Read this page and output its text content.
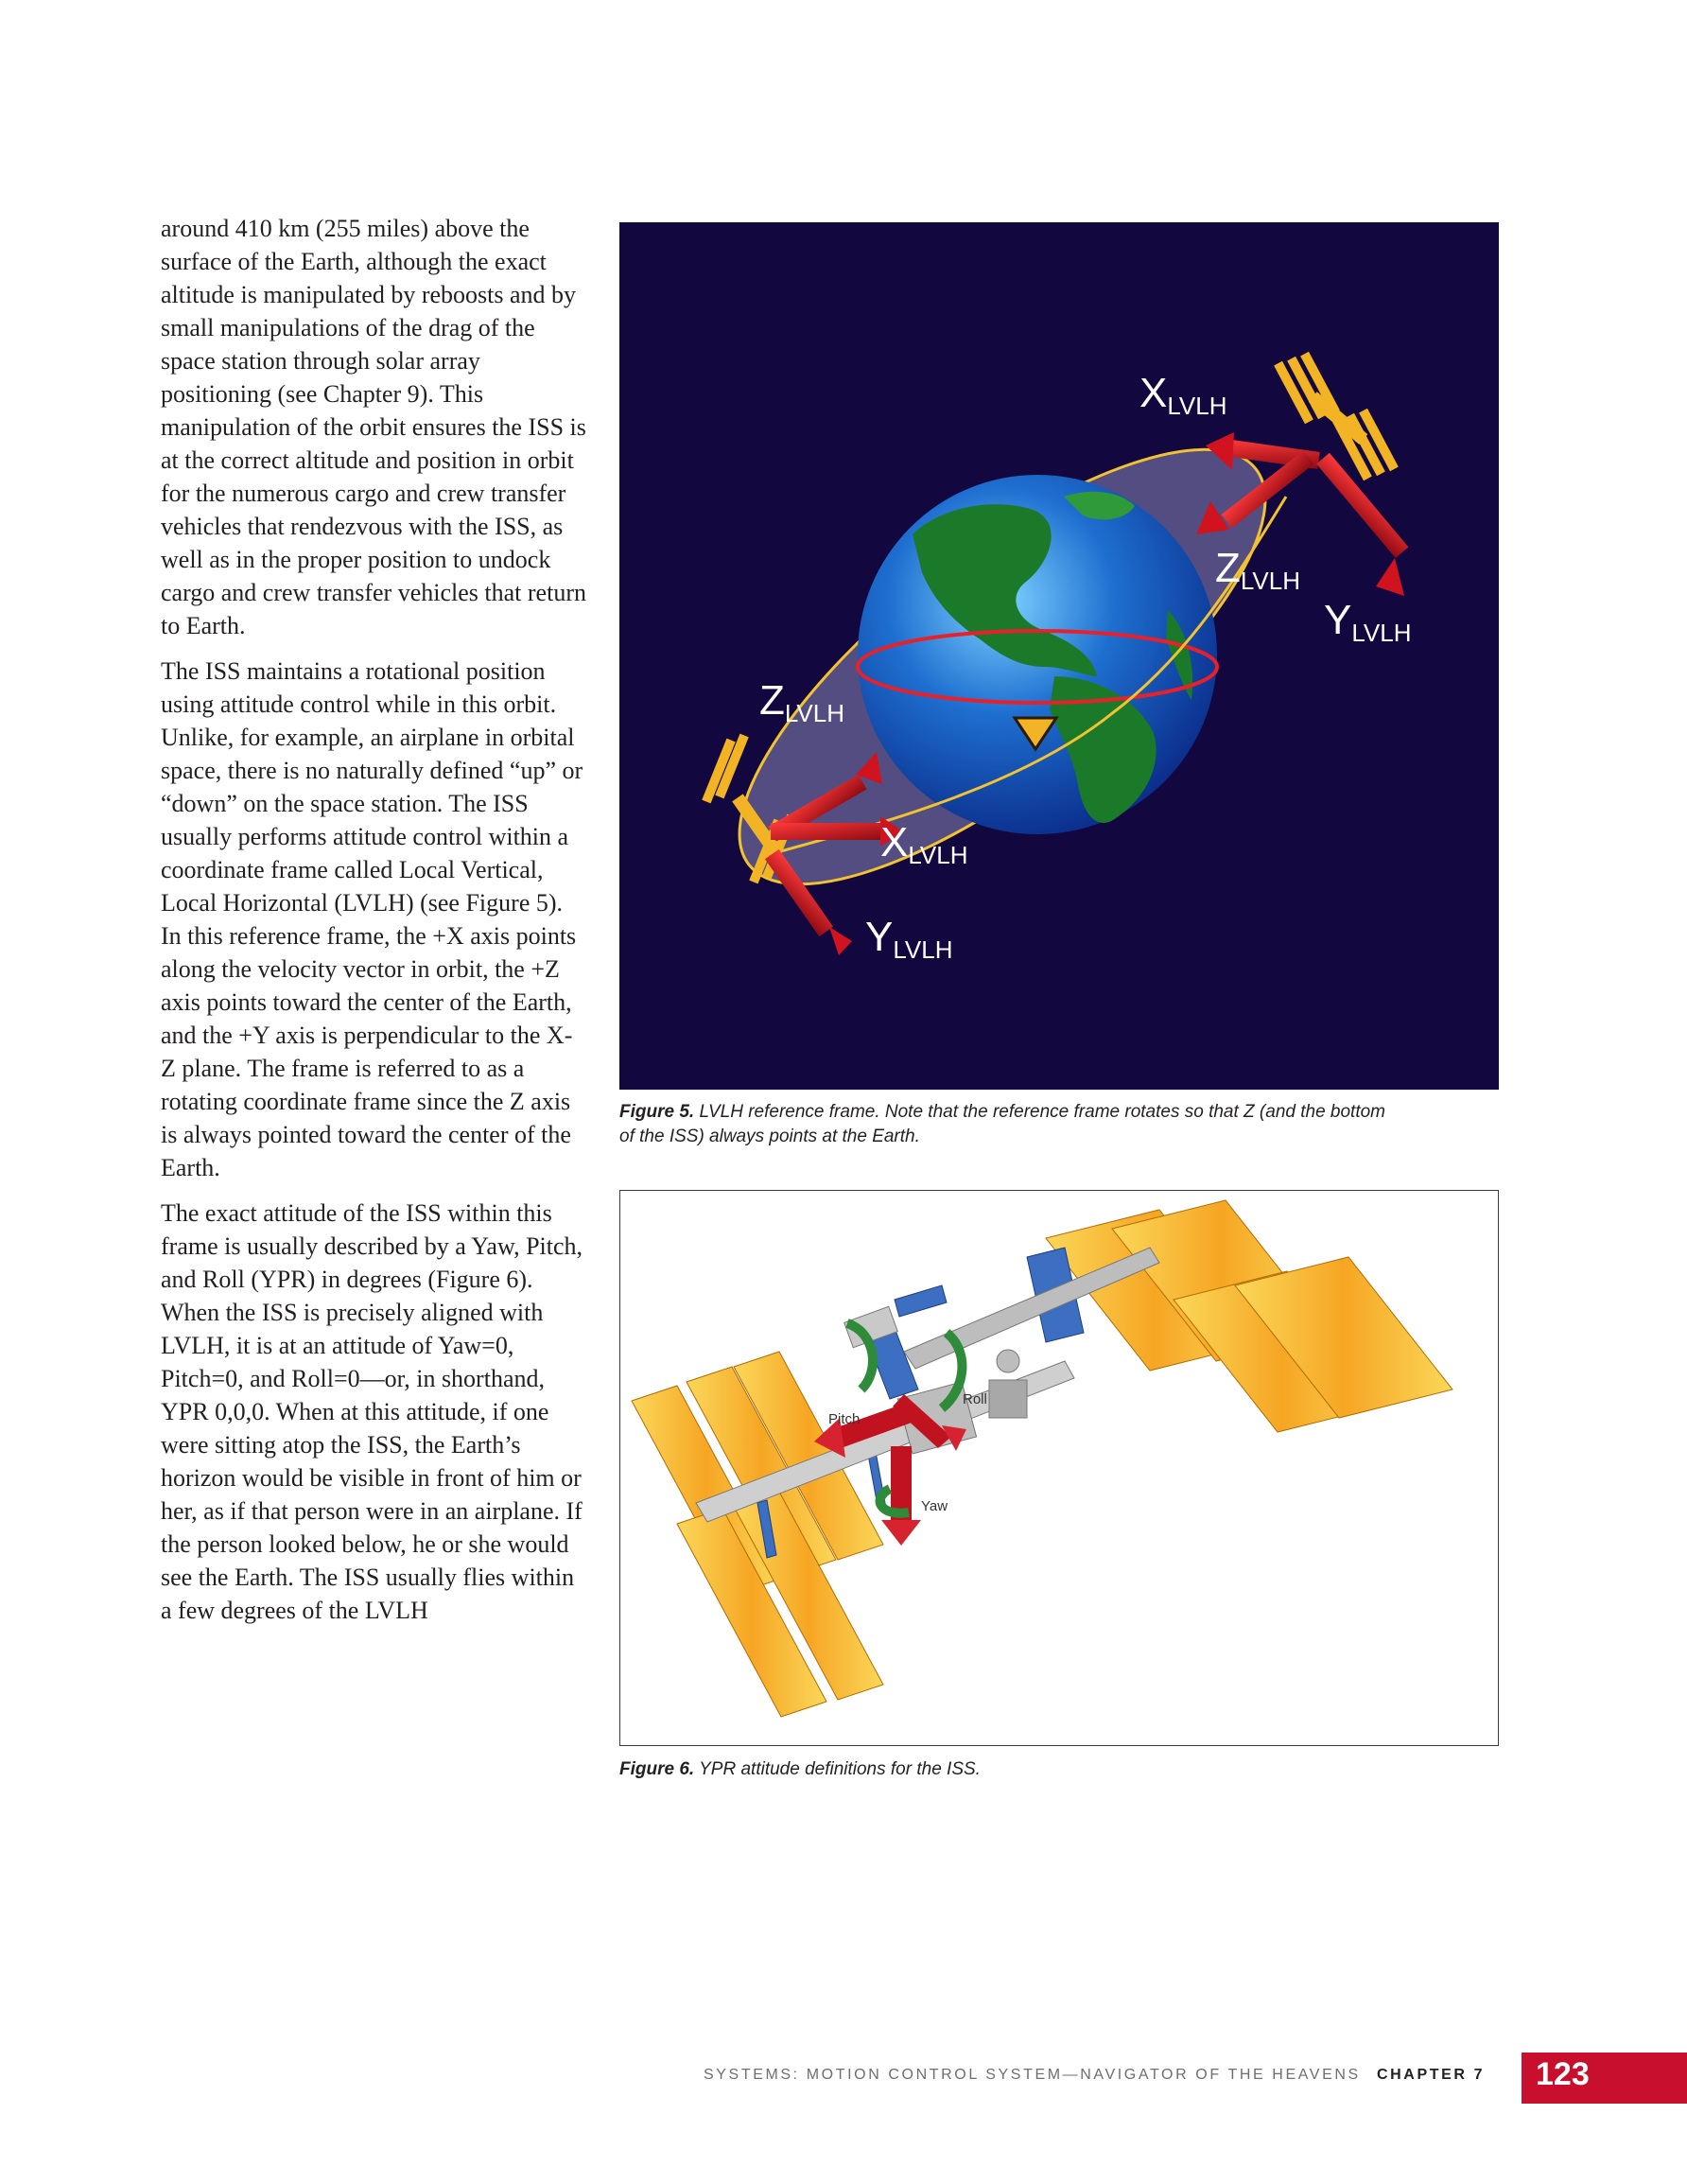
around 410 km (255 miles) above the surface of the Earth, although the exact altitude is manipulated by reboosts and by small manipulations of the drag of the space station through solar array positioning (see Chapter 9). This manipulation of the orbit ensures the ISS is at the correct altitude and position in orbit for the numerous cargo and crew transfer vehicles that rendezvous with the ISS, as well as in the proper position to undock cargo and crew transfer vehicles that return to Earth.

The ISS maintains a rotational position using attitude control while in this orbit. Unlike, for example, an airplane in orbital space, there is no naturally defined “up” or “down” on the space station. The ISS usually performs attitude control within a coordinate frame called Local Vertical, Local Horizontal (LVLH) (see Figure 5). In this reference frame, the +X axis points along the velocity vector in orbit, the +Z axis points toward the center of the Earth, and the +Y axis is perpendicular to the X-Z plane. The frame is referred to as a rotating coordinate frame since the Z axis is always pointed toward the center of the Earth.

The exact attitude of the ISS within this frame is usually described by a Yaw, Pitch, and Roll (YPR) in degrees (Figure 6). When the ISS is precisely aligned with LVLH, it is at an attitude of Yaw=0, Pitch=0, and Roll=0—or, in shorthand, YPR 0,0,0. When at this attitude, if one were sitting atop the ISS, the Earth’s horizon would be visible in front of him or her, as if that person were in an airplane. If the person looked below, he or she would see the Earth. The ISS usually flies within a few degrees of the LVLH

XLVLH
ZLVLH
YLVLH
ZLVLH
XLVLH
YLVLH
Figure 5. LVLH reference frame. Note that the reference frame rotates so that Z (and the bottom of the ISS) always points at the Earth.
Roll
Pitch
Yaw
Figure 6. YPR attitude definitions for the ISS.
SYSTEMS: MOTION CONTROL SYSTEM—NAVIGATOR OF THE HEAVENS CHAPTER 7 123
